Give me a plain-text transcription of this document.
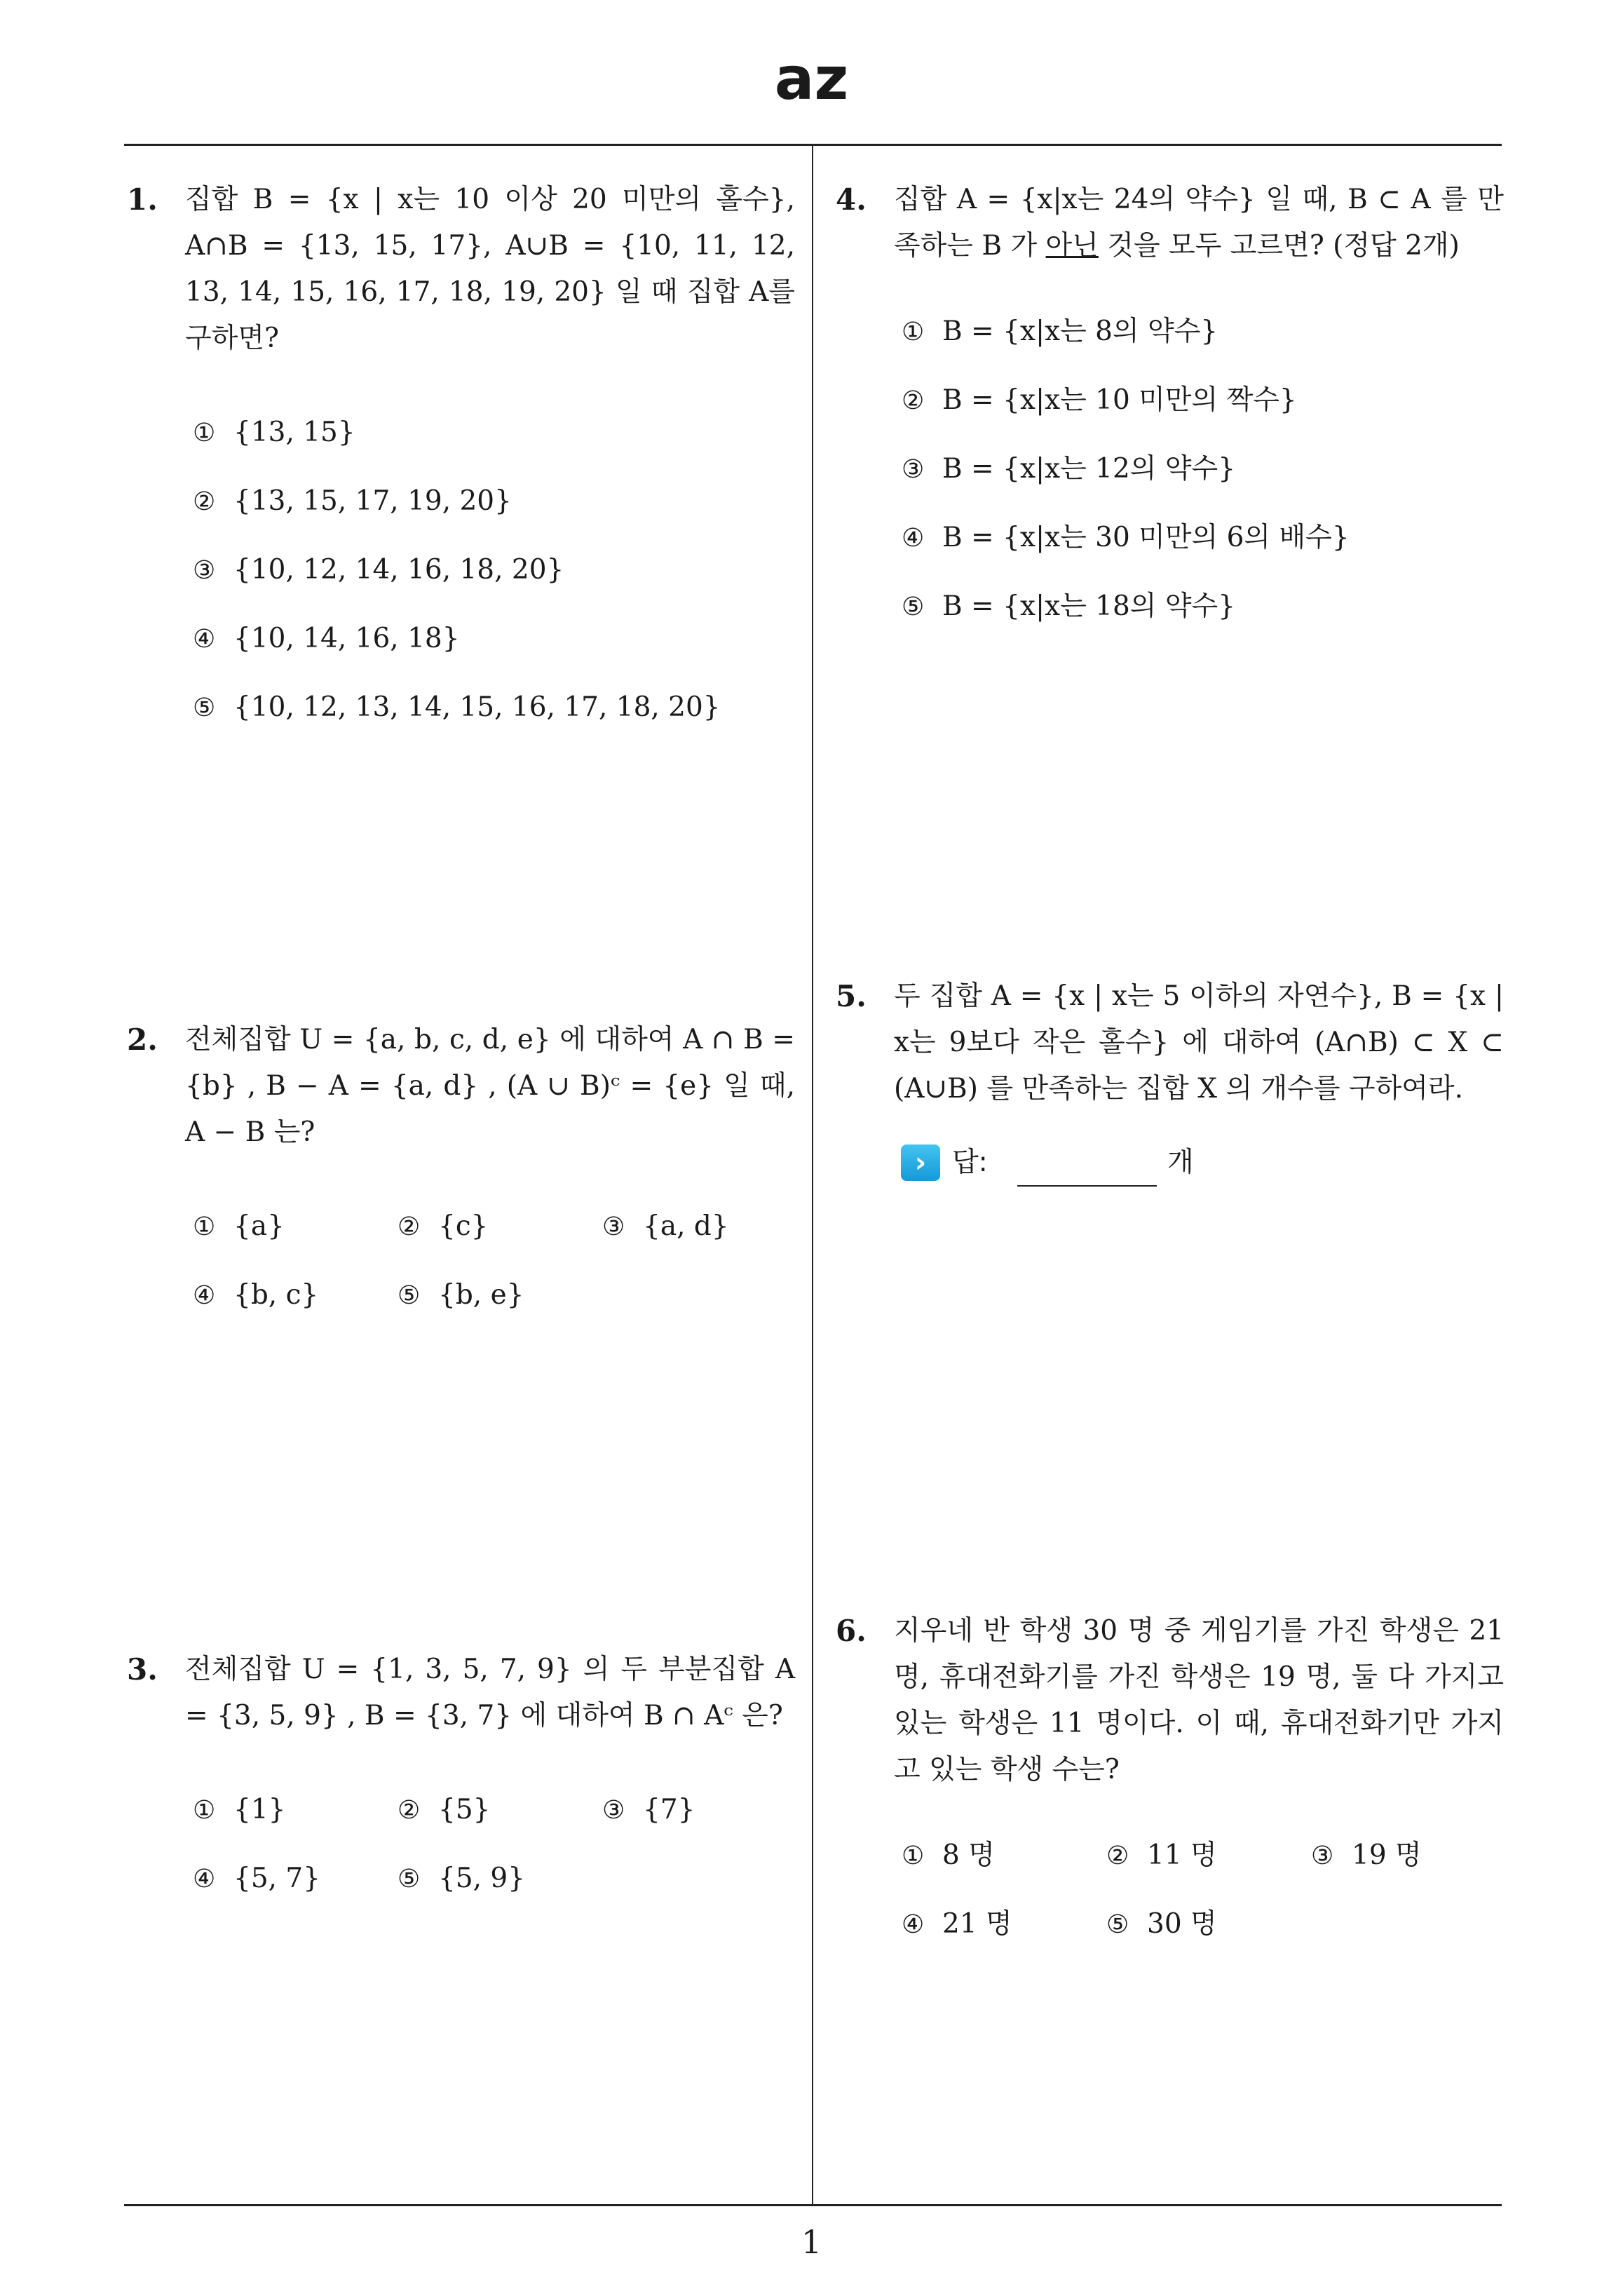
az
1
1. 집합 B = {x | x는 10 이상 20 미만의 홀수}, A∩B = {13, 15, 17}, A∪B = {10, 11, 12, 13, 14, 15, 16, 17, 18, 19, 20} 일 때 집합 A를 구하면?
① {13, 15}
② {13, 15, 17, 19, 20}
③ {10, 12, 14, 16, 18, 20}
④ {10, 14, 16, 18}
⑤ {10, 12, 13, 14, 15, 16, 17, 18, 20}
2. 전체집합 U = {a, b, c, d, e} 에 대하여 A ∩ B = {b} , B − A = {a, d} , (A ∪ B)ᶜ = {e} 일 때, A − B 는?
① {a}	② {c}	③ {a, d}
④ {b, c}	⑤ {b, e}
3. 전체집합 U = {1, 3, 5, 7, 9} 의 두 부분집합 A = {3, 5, 9} , B = {3, 7} 에 대하여 B ∩ Aᶜ 은?
① {1}	② {5}	③ {7}
④ {5, 7}	⑤ {5, 9}
4. 집합 A = {x|x는 24의 약수} 일 때, B ⊂ A 를 만족하는 B 가 아닌 것을 모두 고르면? (정답 2개)
① B = {x|x는 8의 약수}
② B = {x|x는 10 미만의 짝수}
③ B = {x|x는 12의 약수}
④ B = {x|x는 30 미만의 6의 배수}
⑤ B = {x|x는 18의 약수}
5. 두 집합 A = {x | x는 5 이하의 자연수}, B = {x | x는 9보다 작은 홀수} 에 대하여 (A∩B) ⊂ X ⊂ (A∪B) 를 만족하는 집합 X 의 개수를 구하여라.
› 답:	개
6. 지우네 반 학생 30 명 중 게임기를 가진 학생은 21 명, 휴대전화기를 가진 학생은 19 명, 둘 다 가지고 있는 학생은 11 명이다. 이 때, 휴대전화기만 가지고 있는 학생 수는?
① 8 명	② 11 명	③ 19 명
④ 21 명	⑤ 30 명
